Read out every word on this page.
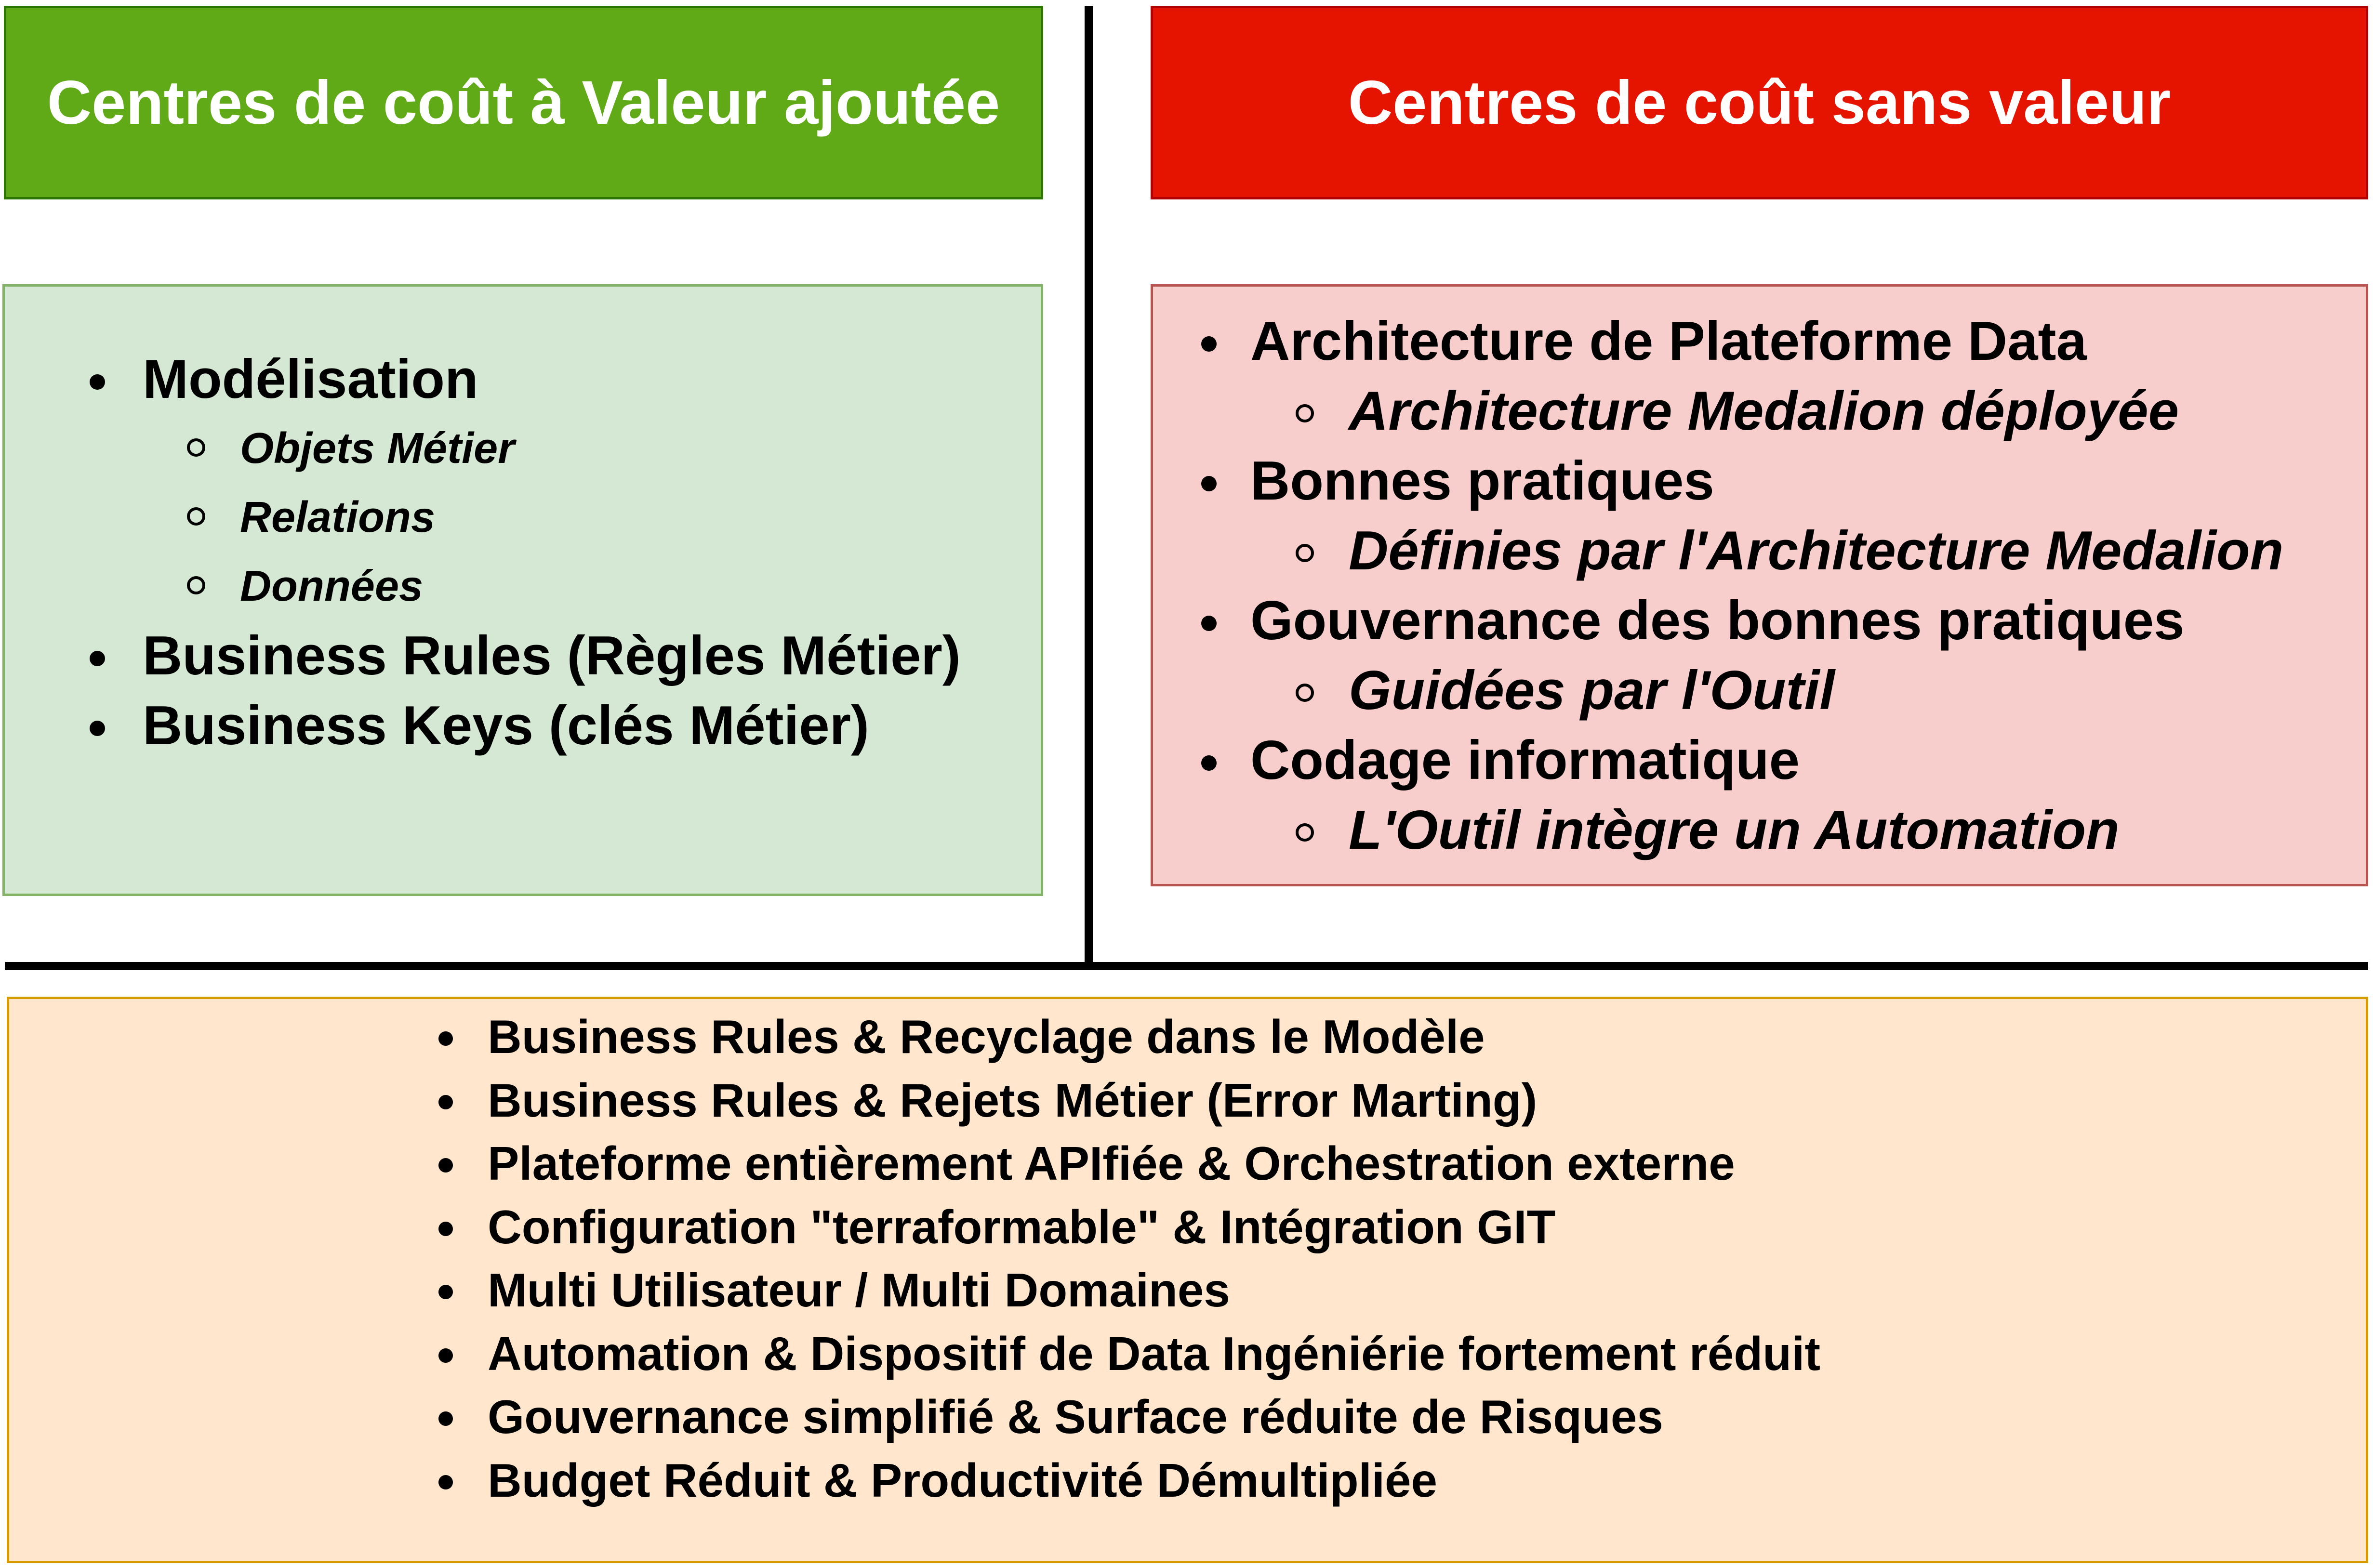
Centres de coût à Valeur ajoutée	Centres de coût sans valeur
Modélisation
Objets Métier
Relations
Données
Business Rules (Règles Métier)
Business Keys (clés Métier)
Architecture de Plateforme Data
Architecture Medalion déployée
Bonnes pratiques
Définies par l'Architecture Medalion
Gouvernance des bonnes pratiques
Guidées par l'Outil
Codage informatique
L'Outil intègre un Automation
Business Rules & Recyclage dans le Modèle
Business Rules & Rejets Métier (Error Marting)
Plateforme entièrement APIfiée & Orchestration externe
Configuration "terraformable" & Intégration GIT
Multi Utilisateur / Multi Domaines
Automation & Dispositif de Data Ingéniérie fortement réduit
Gouvernance simplifié & Surface réduite de Risques
Budget Réduit & Productivité Démultipliée
